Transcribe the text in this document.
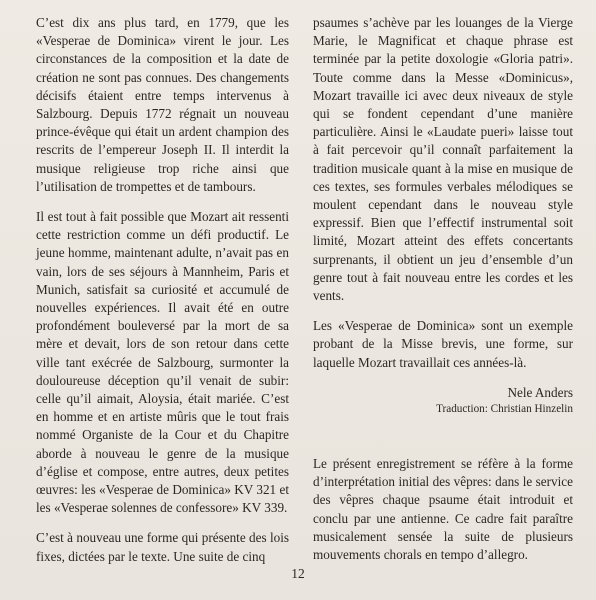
C’est dix ans plus tard, en 1779, que les «Vesperae de Dominica» virent le jour. Les circonstances de la composition et la date de création ne sont pas connues. Des changements décisifs étaient entre temps intervenus à Salzbourg. Depuis 1772 régnait un nouveau prince-évêque qui était un ardent champion des rescrits de l’empereur Joseph II. Il interdit la musique religieuse trop riche ainsi que l’utilisation de trompettes et de tambours.

Il est tout à fait possible que Mozart ait ressenti cette restriction comme un défi productif. Le jeune homme, maintenant adulte, n’avait pas en vain, lors de ses séjours à Mannheim, Paris et Munich, satisfait sa curiosité et accumulé de nouvelles expériences. Il avait été en outre profondément bouleversé par la mort de sa mère et devait, lors de son retour dans cette ville tant exécrée de Salzbourg, surmonter la douloureuse déception qu’il venait de subir: celle qu’il aimait, Aloysia, était mariée. C’est en homme et en artiste mûris que le tout frais nommé Organiste de la Cour et du Chapitre aborde à nouveau le genre de la musique d’église et compose, entre autres, deux petites œuvres: les «Vesperae de Dominica» KV 321 et les «Vesperae solennes de confessore» KV 339.

C’est à nouveau une forme qui présente des lois fixes, dictées par le texte. Une suite de cinq

psaumes s’achève par les louanges de la Vierge Marie, le Magnificat et chaque phrase est terminée par la petite doxologie «Gloria patri». Toute comme dans la Messe «Dominicus», Mozart travaille ici avec deux niveaux de style qui se fondent cependant d’une manière particulière. Ainsi le «Laudate pueri» laisse tout à fait percevoir qu’il connaît parfaitement la tradition musicale quant à la mise en musique de ces textes, ses formules verbales mélodiques se moulent cependant dans le nouveau style expressif. Bien que l’effectif instrumental soit limité, Mozart atteint des effets concertants surprenants, il obtient un jeu d’ensemble d’un genre tout à fait nouveau entre les cordes et les vents.

Les «Vesperae de Dominica» sont un exemple probant de la Misse brevis, une forme, sur laquelle Mozart travaillait ces années-là.

Nele Anders
Traduction: Christian Hinzelin
Le présent enregistrement se réfère à la forme d’interprétation initial des vêpres: dans le service des vêpres chaque psaume était introduit et conclu par une antienne. Ce cadre fait paraître musicalement sensée la suite de plusieurs mouvements chorals en tempo d’allegro.
12
